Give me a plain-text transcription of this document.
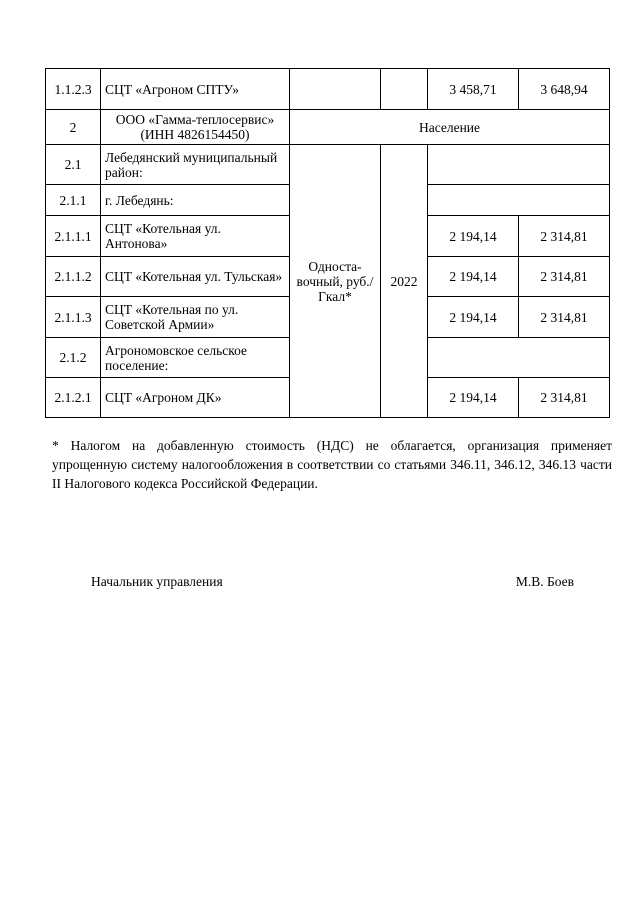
1.1.2.3	СЦТ «Агроном СПТУ»			3 458,71	3 648,94
2	ООО «Гамма-теплосервис» (ИНН 4826154450)	Население			
2.1	Лебедянский муниципальный район:	Односта-вочный, руб./Гкал*	2022		
2.1.1	г. Лебедянь:				
2.1.1.1	СЦТ «Котельная ул. Антонова»			2 194,14	2 314,81
2.1.1.2	СЦТ «Котельная ул. Тульская»			2 194,14	2 314,81
2.1.1.3	СЦТ «Котельная по ул. Советской Армии»			2 194,14	2 314,81
2.1.2	Агрономовское сельское поселение:				
2.1.2.1	СЦТ «Агроном ДК»			2 194,14	2 314,81
* Налогом на добавленную стоимость (НДС) не облагается, организация применяет упрощенную систему налогообложения в соответствии со статьями 346.11, 346.12, 346.13 части II Налогового кодекса Российской Федерации.
Начальник управления	М.В. Боев
